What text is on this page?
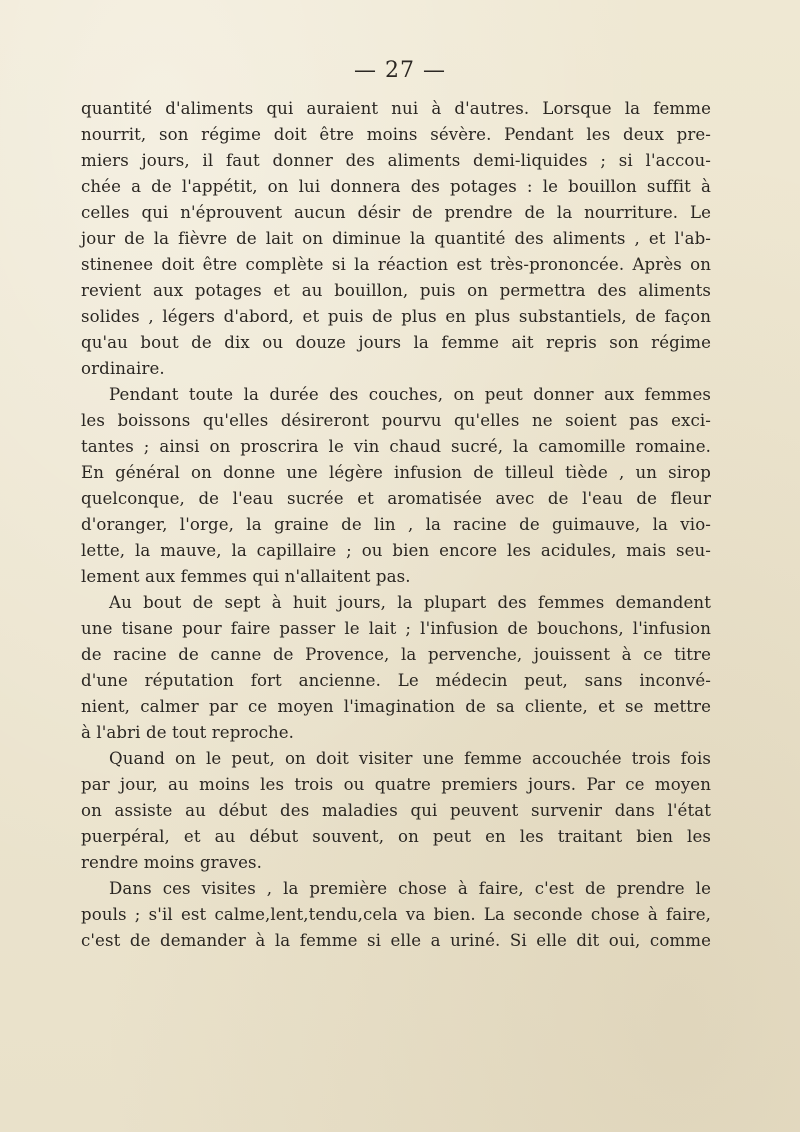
— 27 —
quantité d'aliments qui auraient nui à d'autres. Lorsque la femme
nourrit, son régime doit être moins sévère. Pendant les deux pre-
miers jours, il faut donner des aliments demi-liquides ; si l'accou-
chée a de l'appétit, on lui donnera des potages : le bouillon suffit à
celles qui n'éprouvent aucun désir de prendre de la nourriture. Le
jour de la fièvre de lait on diminue la quantité des aliments , et l'ab-
stinenee doit être complète si la réaction est très-prononcée. Après on
revient aux potages et au bouillon, puis on permettra des aliments
solides , légers d'abord, et puis de plus en plus substantiels, de façon
qu'au bout de dix ou douze jours la femme ait repris son régime
ordinaire.
Pendant toute la durée des couches, on peut donner aux femmes
les boissons qu'elles désireront pourvu qu'elles ne soient pas exci-
tantes ; ainsi on proscrira le vin chaud sucré, la camomille romaine.
En général on donne une légère infusion de tilleul tiède , un sirop
quelconque, de l'eau sucrée et aromatisée avec de l'eau de fleur
d'oranger, l'orge, la graine de lin , la racine de guimauve, la vio-
lette, la mauve, la capillaire ; ou bien encore les acidules, mais seu-
lement aux femmes qui n'allaitent pas.
Au bout de sept à huit jours, la plupart des femmes demandent
une tisane pour faire passer le lait ; l'infusion de bouchons, l'infusion
de racine de canne de Provence, la pervenche, jouissent à ce titre
d'une réputation fort ancienne. Le médecin peut, sans inconvé-
nient, calmer par ce moyen l'imagination de sa cliente, et se mettre
à l'abri de tout reproche.
Quand on le peut, on doit visiter une femme accouchée trois fois
par jour, au moins les trois ou quatre premiers jours. Par ce moyen
on assiste au début des maladies qui peuvent survenir dans l'état
puerpéral, et au début souvent, on peut en les traitant bien les
rendre moins graves.
Dans ces visites , la première chose à faire, c'est de prendre le
pouls ; s'il est calme,lent,tendu,cela va bien. La seconde chose à faire,
c'est de demander à la femme si elle a uriné. Si elle dit oui, comme
